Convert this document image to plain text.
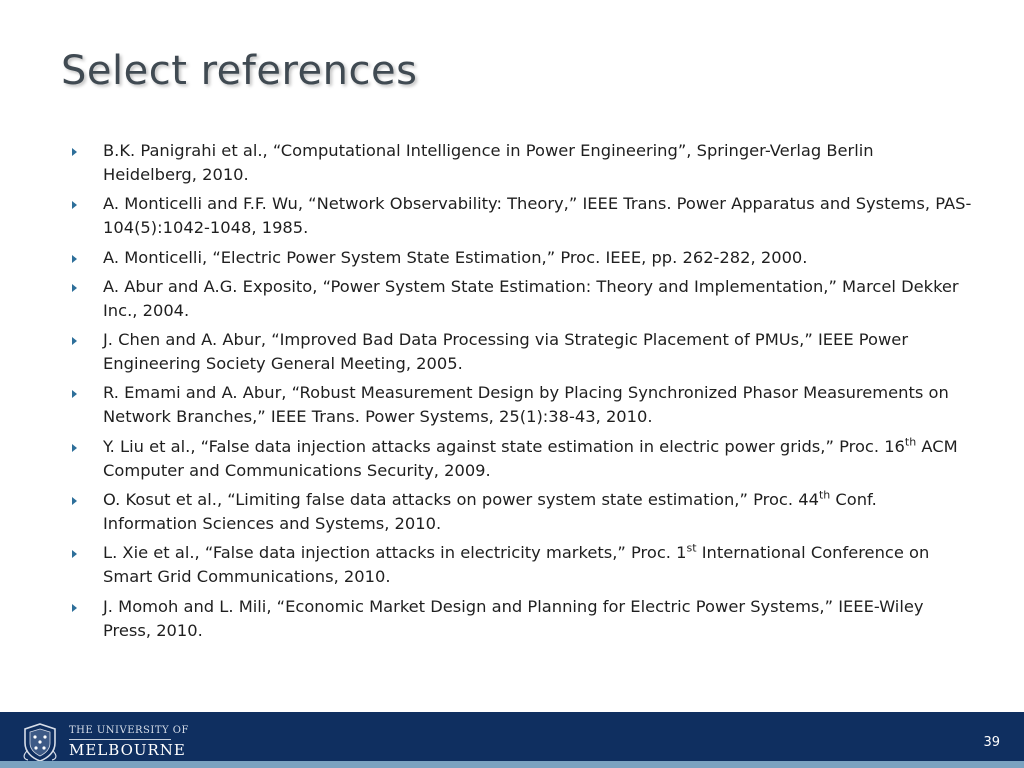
Select references
B.K. Panigrahi et al., “Computational Intelligence in Power Engineering”, Springer-Verlag Berlin Heidelberg, 2010.
A. Monticelli and F.F. Wu, “Network Observability: Theory,” IEEE Trans. Power Apparatus and Systems, PAS-104(5):1042-1048, 1985.
A. Monticelli, “Electric Power System State Estimation,” Proc. IEEE, pp. 262-282, 2000.
A. Abur and A.G. Exposito, “Power System State Estimation: Theory and Implementation,” Marcel Dekker Inc., 2004.
J. Chen and A. Abur, “Improved Bad Data Processing via Strategic Placement of PMUs,” IEEE Power Engineering Society General Meeting, 2005.
R. Emami and A. Abur, “Robust Measurement Design by Placing Synchronized Phasor Measurements on Network Branches,” IEEE Trans. Power Systems, 25(1):38-43, 2010.
Y. Liu et al., “False data injection attacks against state estimation in electric power grids,” Proc. 16th ACM Computer and Communications Security, 2009.
O. Kosut et al., “Limiting false data attacks on power system state estimation,” Proc. 44th Conf. Information Sciences and Systems, 2010.
L. Xie et al., “False data injection attacks in electricity markets,” Proc. 1st International Conference on Smart Grid Communications, 2010.
J. Momoh and L. Mili, “Economic Market Design and Planning for Electric Power Systems,” IEEE-Wiley Press, 2010.
THE UNIVERSITY OF
MELBOURNE	39
